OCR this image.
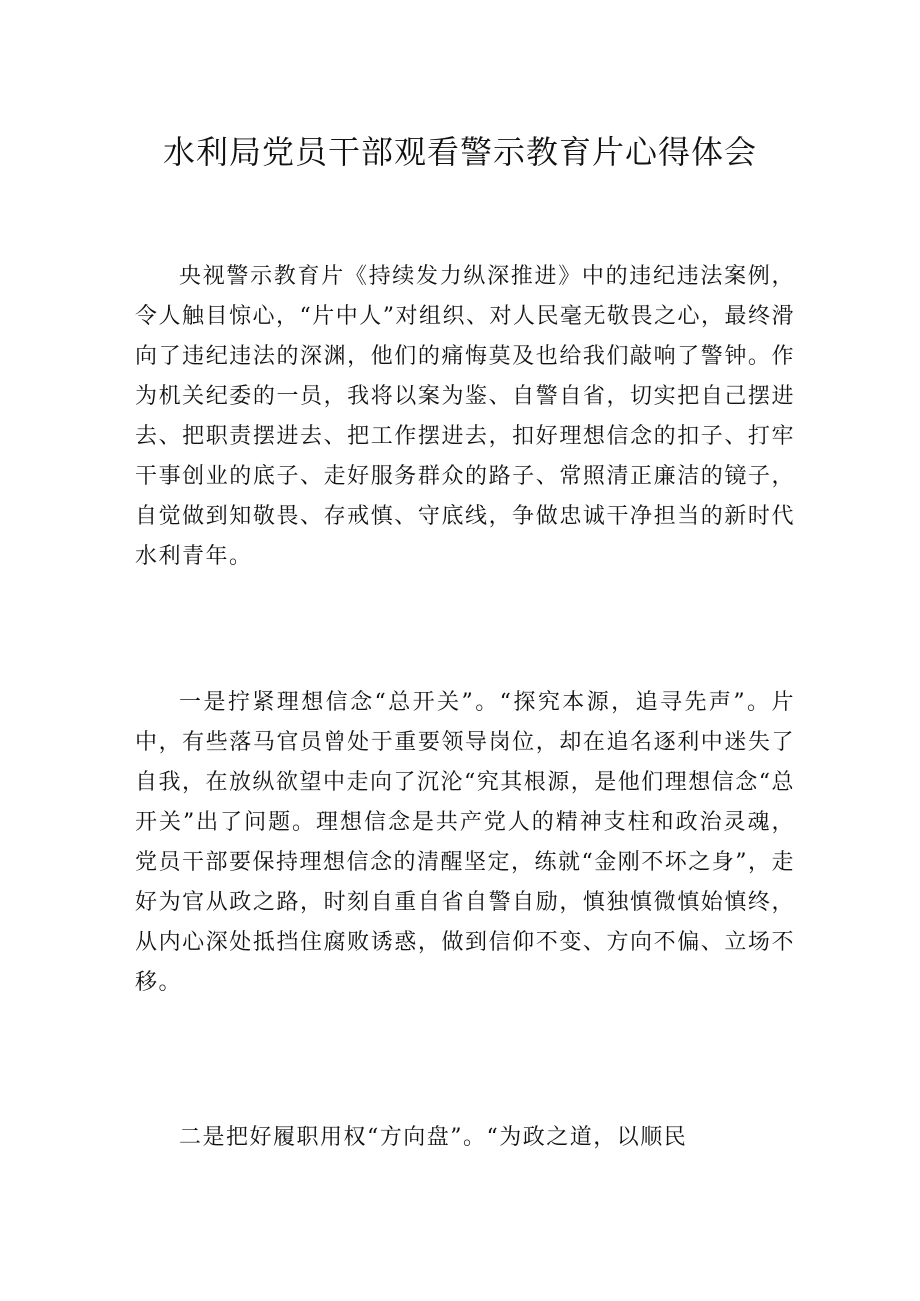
水利局党员干部观看警示教育片心得体会

央视警示教育片《持续发力纵深推进》中的违纪违法案例，令人触目惊心，“片中人”对组织、对人民毫无敬畏之心，最终滑向了违纪违法的深渊，他们的痛悔莫及也给我们敲响了警钟。作为机关纪委的一员，我将以案为鉴、自警自省，切实把自己摆进去、把职责摆进去、把工作摆进去，扣好理想信念的扣子、打牢干事创业的底子、走好服务群众的路子、常照清正廉洁的镜子，自觉做到知敬畏、存戒慎、守底线，争做忠诚干净担当的新时代水利青年。

一是拧紧理想信念“总开关”。“探究本源，追寻先声”。片中，有些落马官员曾处于重要领导岗位，却在追名逐利中迷失了自我，在放纵欲望中走向了沉沦“究其根源，是他们理想信念“总开关”出了问题。理想信念是共产党人的精神支柱和政治灵魂，党员干部要保持理想信念的清醒坚定，练就“金刚不坏之身”，走好为官从政之路，时刻自重自省自警自励，慎独慎微慎始慎终，从内心深处抵挡住腐败诱惑，做到信仰不变、方向不偏、立场不移。

二是把好履职用权“方向盘”。“为政之道，以顺民
